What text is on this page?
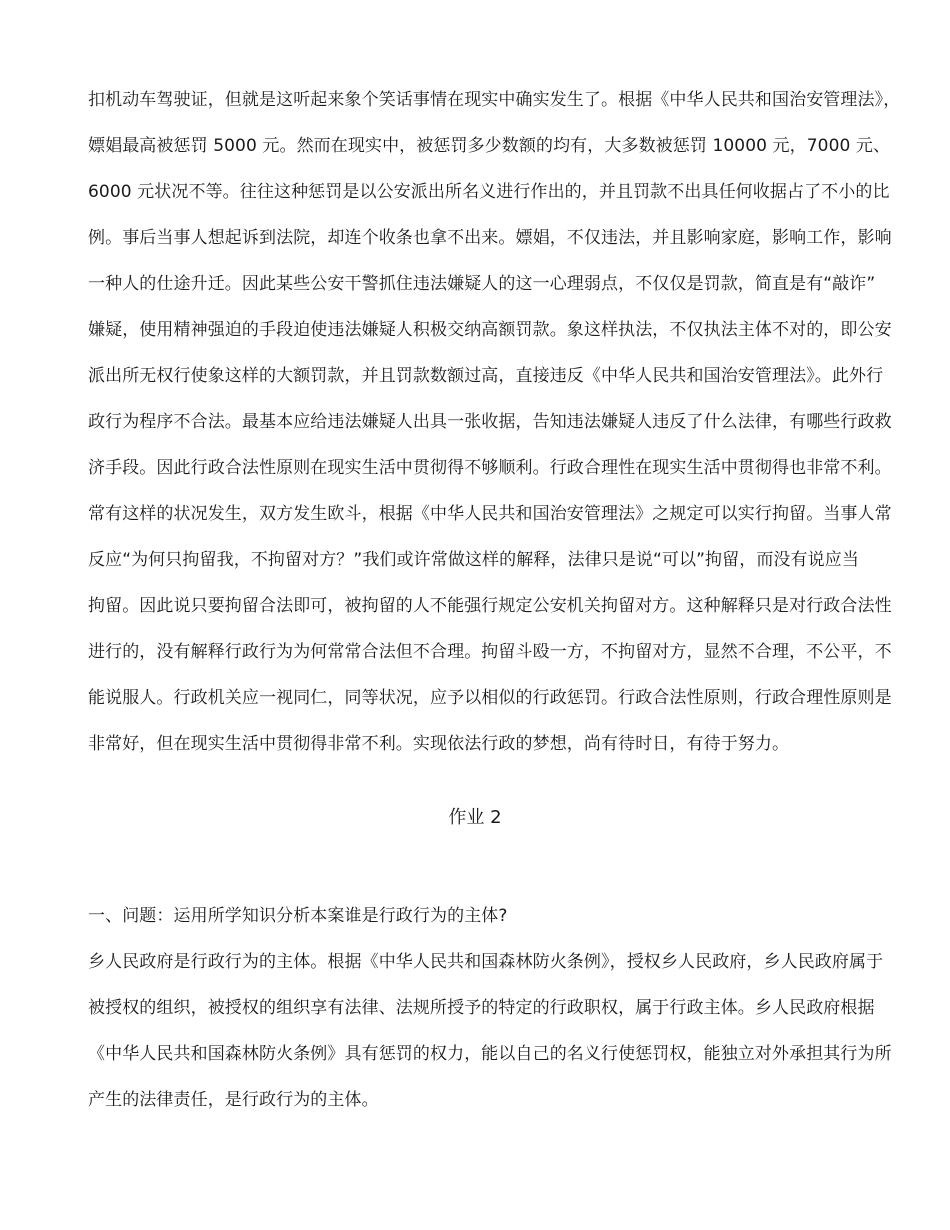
扣机动车驾驶证，但就是这听起来象个笑话事情在现实中确实发生了。根据《中华人民共和国治安管理法》，
嫖娼最高被惩罚 5000 元。然而在现实中，被惩罚多少数额的均有，大多数被惩罚 10000 元，7000 元、
6000 元状况不等。往往这种惩罚是以公安派出所名义进行作出的，并且罚款不出具任何收据占了不小的比
例。事后当事人想起诉到法院，却连个收条也拿不出来。嫖娼，不仅违法，并且影响家庭，影响工作，影响
一种人的仕途升迁。因此某些公安干警抓住违法嫌疑人的这一心理弱点，不仅仅是罚款，简直是有“敲诈”
嫌疑，使用精神强迫的手段迫使违法嫌疑人积极交纳高额罚款。象这样执法，不仅执法主体不对的，即公安
派出所无权行使象这样的大额罚款，并且罚款数额过高，直接违反《中华人民共和国治安管理法》。此外行
政行为程序不合法。最基本应给违法嫌疑人出具一张收据，告知违法嫌疑人违反了什么法律，有哪些行政救
济手段。因此行政合法性原则在现实生活中贯彻得不够顺利。行政合理性在现实生活中贯彻得也非常不利。
常有这样的状况发生，双方发生欧斗，根据《中华人民共和国治安管理法》之规定可以实行拘留。当事人常
反应“为何只拘留我，不拘留对方？”我们或许常做这样的解释，法律只是说“可以”拘留，而没有说应当
拘留。因此说只要拘留合法即可，被拘留的人不能强行规定公安机关拘留对方。这种解释只是对行政合法性
进行的，没有解释行政行为为何常常合法但不合理。拘留斗殴一方，不拘留对方，显然不合理，不公平，不
能说服人。行政机关应一视同仁，同等状况，应予以相似的行政惩罚。行政合法性原则，行政合理性原则是
非常好，但在现实生活中贯彻得非常不利。实现依法行政的梦想，尚有待时日，有待于努力。
作业 2
一、问题：运用所学知识分析本案谁是行政行为的主体?
乡人民政府是行政行为的主体。根据《中华人民共和国森林防火条例》，授权乡人民政府，乡人民政府属于
被授权的组织，被授权的组织享有法律、法规所授予的特定的行政职权，属于行政主体。乡人民政府根据
《中华人民共和国森林防火条例》具有惩罚的权力，能以自己的名义行使惩罚权，能独立对外承担其行为所
产生的法律责任，是行政行为的主体。
